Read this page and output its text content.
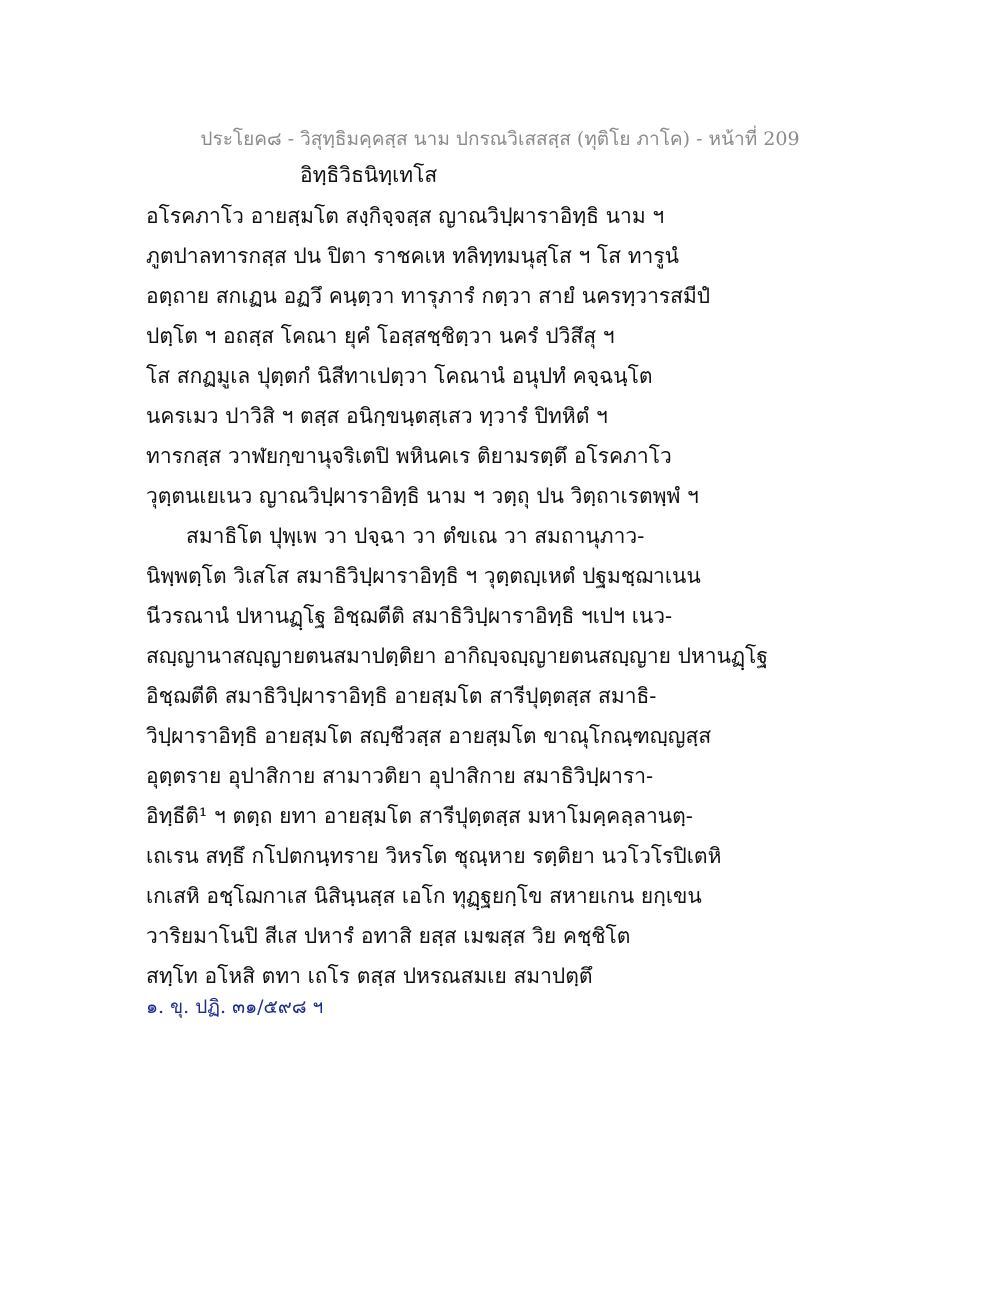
ประโยค๘ - วิสุทฺธิมคฺคสฺส นาม ปกรณวิเสสสฺส (ทุติโย ภาโค) - หน้าที่ 209
อิทฺธิวิธนิทฺเทโส
อโรคภาโว อายสฺมโต สงฺกิจฺจสฺส ญาณวิปฺผาราอิทฺธิ นาม ฯ
ภูตปาลทารกสฺส ปน ปิตา ราชคเห ทลิทฺทมนุสฺโส ฯ โส ทารูนํ
อตฺถาย สกเฏน อฏวึ คนฺตฺวา ทารุภารํ กตฺวา สายํ นครทฺวารสมีปํ
ปตฺโต ฯ อถสฺส โคณา ยุคํ โอสฺสชฺชิตฺวา นครํ ปวิสึสุ ฯ
โส สกฏมูเล ปุตฺตกํ นิสีทาเปตฺวา โคณานํ อนุปทํ คจฺฉนฺโต
นครเมว ปาวิสิ ฯ ตสฺส อนิกฺขนฺตสฺเสว ทฺวารํ ปิทหิตํ ฯ
ทารกสฺส วาฬยกฺขานุจริเตปิ พหินคเร ติยามรตฺตึ อโรคภาโว
วุตฺตนเยเนว ญาณวิปฺผาราอิทฺธิ นาม ฯ วตฺถุ ปน วิตฺถาเรตพฺพํ ฯ
สมาธิโต ปุพฺเพ วา ปจฺฉา วา ตํขเณ วา สมถานุภาว-
นิพฺพตฺโต วิเสโส สมาธิวิปฺผาราอิทฺธิ ฯ วุตฺตญฺเหตํ ปฐมชฺฌาเนน
นีวรณานํ ปหานฏฺโฐ อิชฺฌตีติ สมาธิวิปฺผาราอิทฺธิ ฯเปฯ เนว-
สญฺญานาสญฺญายตนสมาปตฺติยา อากิญฺจญฺญายตนสญฺญาย ปหานฏฺโฐ
อิชฺฌตีติ สมาธิวิปฺผาราอิทฺธิ อายสฺมโต สารีปุตฺตสฺส สมาธิ-
วิปฺผาราอิทฺธิ อายสฺมโต สญฺชีวสฺส อายสฺมโต ขาณุโกณฺฑญฺญสฺส
อุตฺตราย อุปาสิกาย สามาวติยา อุปาสิกาย สมาธิวิปฺผารา-
อิทฺธีติ¹ ฯ ตตฺถ ยทา อายสฺมโต สารีปุตฺตสฺส มหาโมคฺคลฺลานตฺ-
เถเรน สทฺธึ กโปตกนฺทราย วิหรโต ชุณฺหาย รตฺติยา นวโวโรปิเตหิ
เกเสหิ อชฺโฌกาเส นิสินฺนสฺส เอโก ทุฏฺฐยกฺโข สหายเกน ยกฺเขน
วาริยมาโนปิ สีเส ปหารํ อทาสิ ยสฺส เมฆสฺส วิย คชฺชิโต
สทฺโท อโหสิ ตทา เถโร ตสฺส ปหรณสมเย สมาปตฺตึ
๑. ขุ. ปฏิ. ๓๑/๕๙๘ ฯ
